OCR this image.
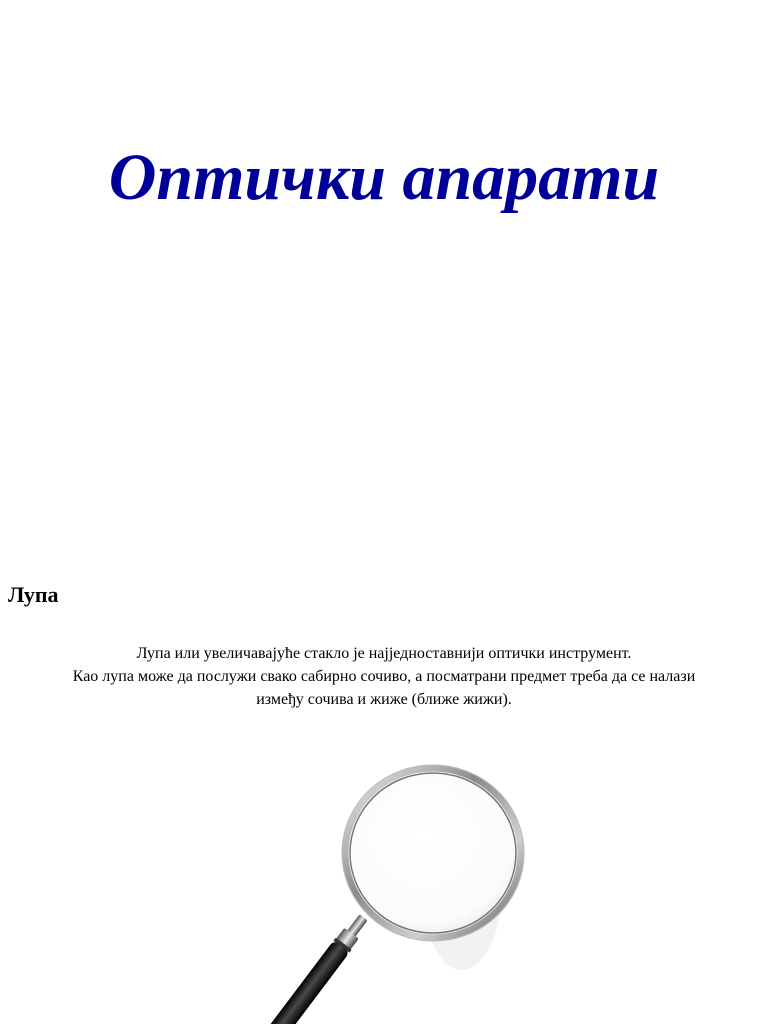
Оптички апарати
Лупа

Лупа или увеличавајуће стакло је најједноставнији оптички инструмент.
Као лупа може да послужи свако сабирно сочиво, а посматрани предмет треба да се налази
између сочива и жиже (ближе жижи).
